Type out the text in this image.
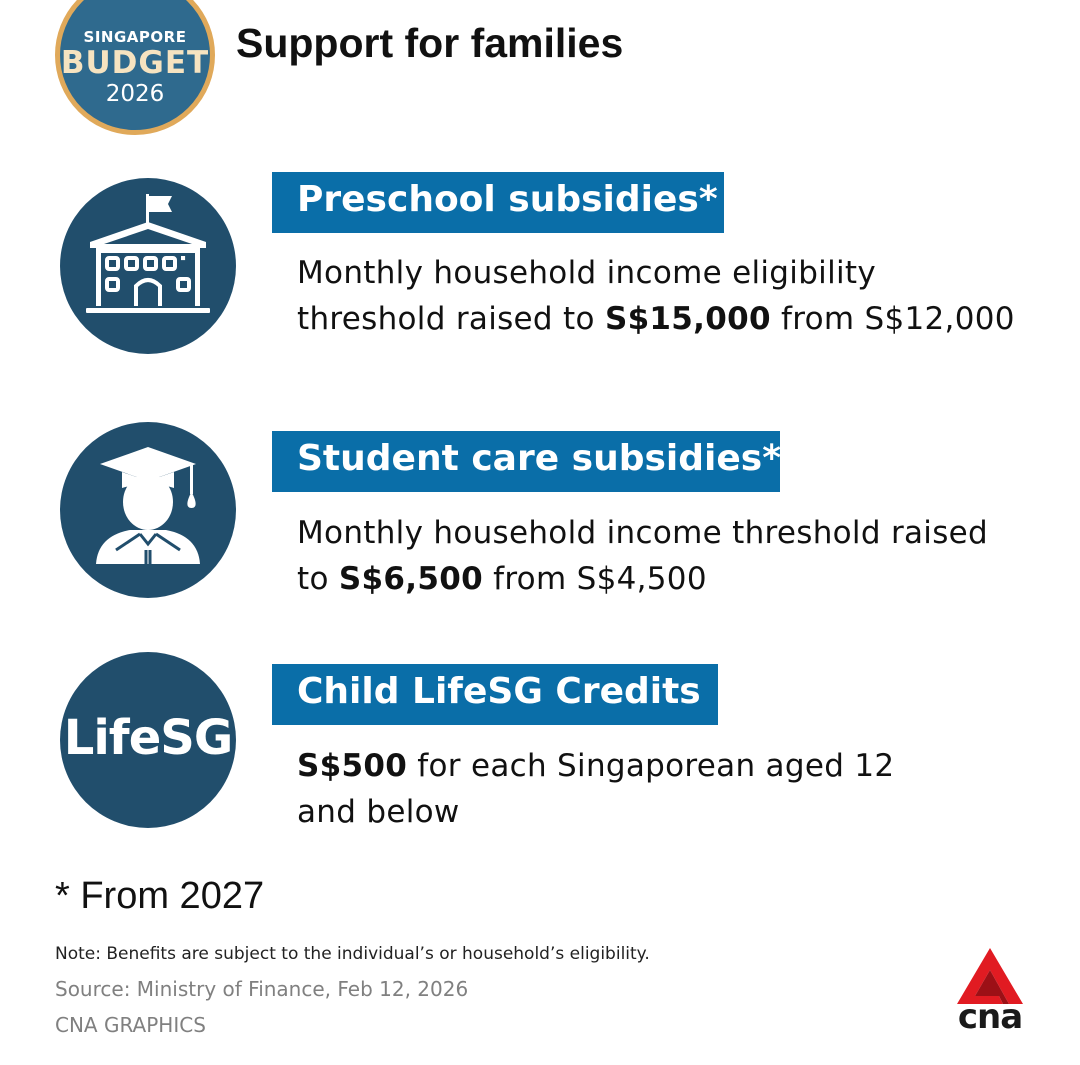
SINGAPORE
BUDGET
2026
Support for families
Preschool subsidies*
Monthly household income eligibility
threshold raised to S$15,000 from S$12,000
Student care subsidies*
Monthly household income threshold raised
to S$6,500 from S$4,500
LifeSG
Child LifeSG Credits
S$500 for each Singaporean aged 12
and below
* From 2027
Note: Benefits are subject to the individual’s or household’s eligibility.
Source: Ministry of Finance, Feb 12, 2026
CNA GRAPHICS	cna
